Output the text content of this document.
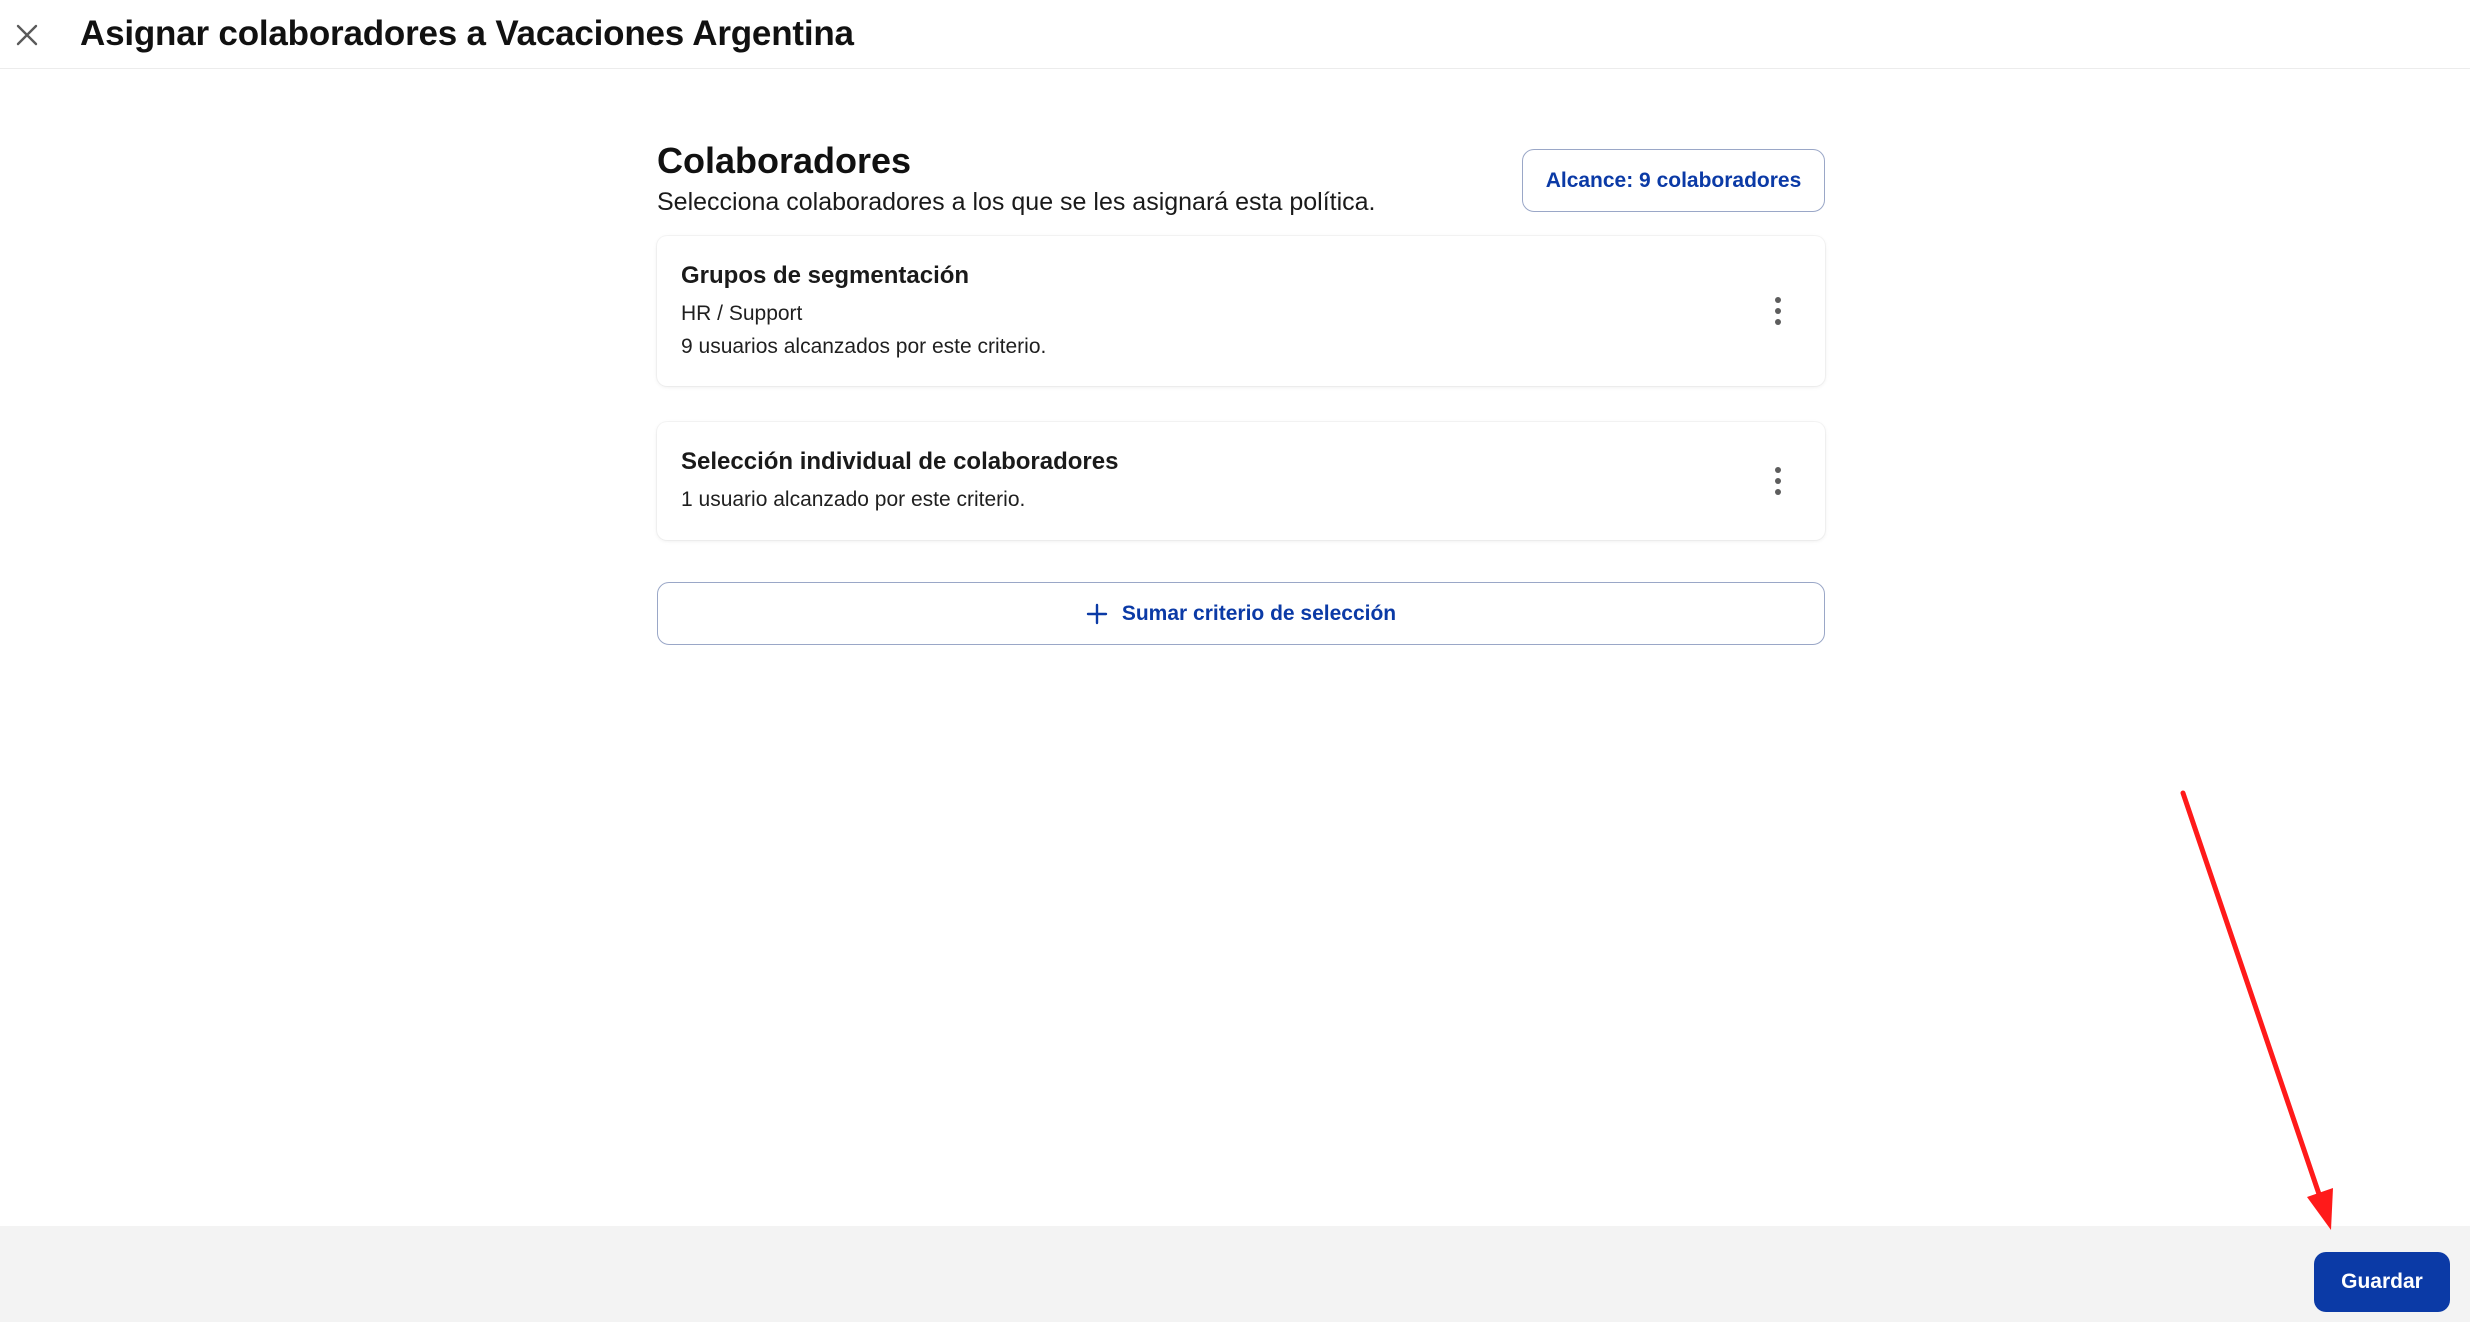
Asignar colaboradores a Vacaciones Argentina
Colaboradores
Selecciona colaboradores a los que se les asignará esta política.
Alcance: 9 colaboradores
Grupos de segmentación
HR / Support
9 usuarios alcanzados por este criterio.
Selección individual de colaboradores
1 usuario alcanzado por este criterio.
Sumar criterio de selección
Guardar
